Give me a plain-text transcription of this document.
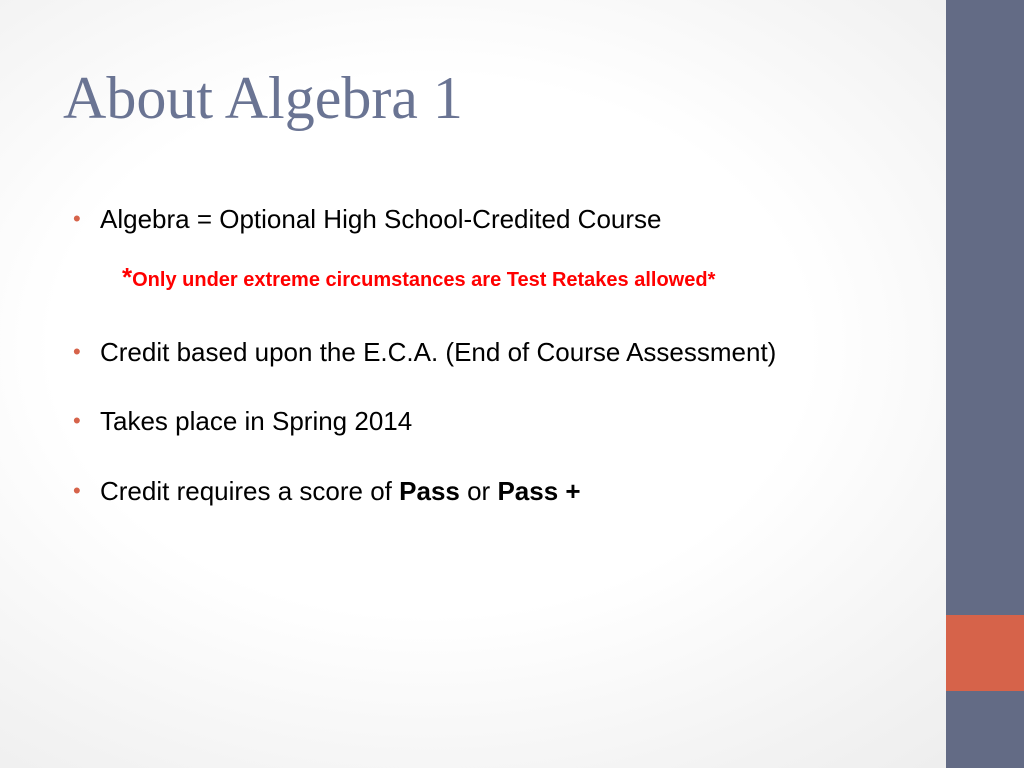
About Algebra 1
• Algebra = Optional High School-Credited Course
• Credit based upon the E.C.A. (End of Course Assessment)
• Takes place in Spring 2014
• Credit requires a score of Pass or Pass +
*Only under extreme circumstances are Test Retakes allowed*
